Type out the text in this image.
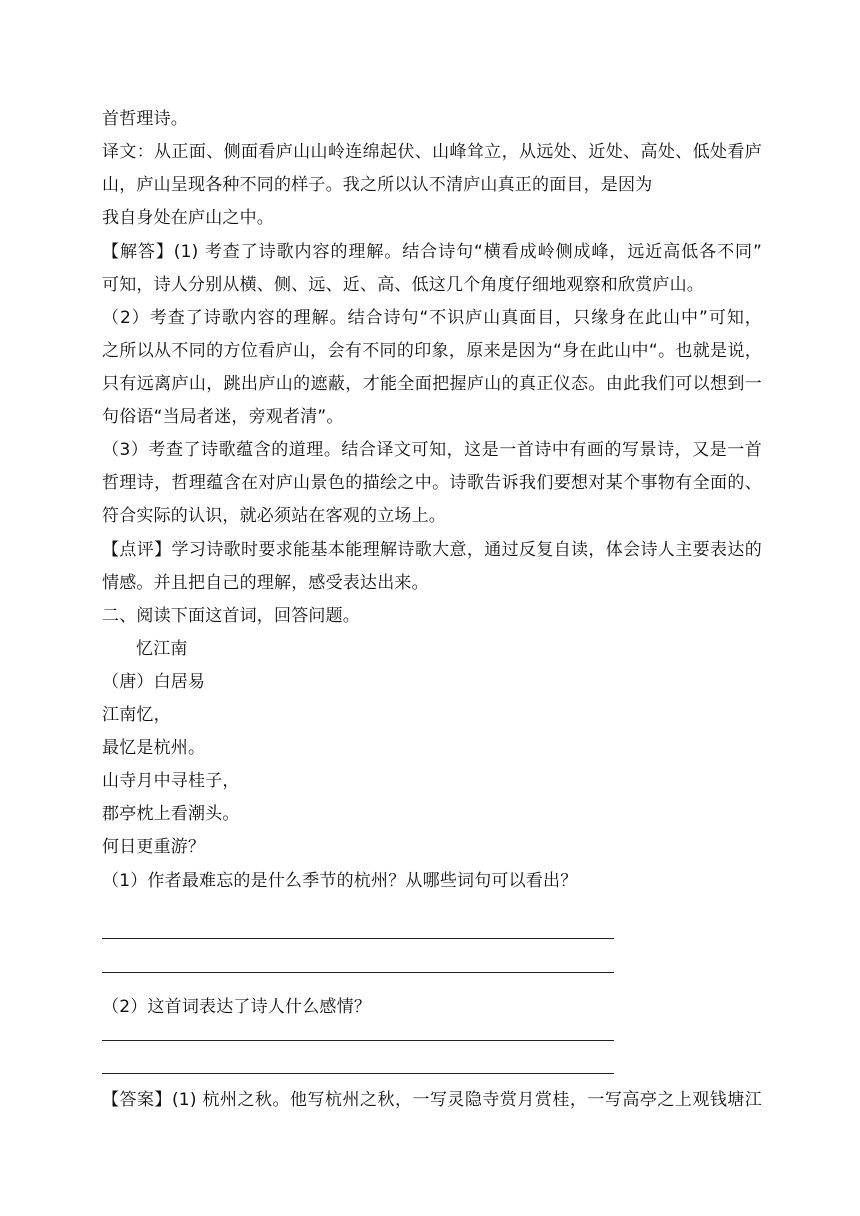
首哲理诗。
译文：从正面、侧面看庐山山岭连绵起伏、山峰耸立，从远处、近处、高处、低处看庐
山，庐山呈现各种不同的样子。我之所以认不清庐山真正的面目，是因为
我自身处在庐山之中。
【解答】(1) 考查了诗歌内容的理解。结合诗句“横看成岭侧成峰，远近高低各不同”
可知，诗人分别从横、侧、远、近、高、低这几个角度仔细地观察和欣赏庐山。
（2）考查了诗歌内容的理解。结合诗句“不识庐山真面目，只缘身在此山中”可知，
之所以从不同的方位看庐山，会有不同的印象，原来是因为“身在此山中“。也就是说，
只有远离庐山，跳出庐山的遮蔽，才能全面把握庐山的真正仪态。由此我们可以想到一
句俗语“当局者迷，旁观者清”。
（3）考查了诗歌蕴含的道理。结合译文可知，这是一首诗中有画的写景诗，又是一首
哲理诗，哲理蕴含在对庐山景色的描绘之中。诗歌告诉我们要想对某个事物有全面的、
符合实际的认识，就必须站在客观的立场上。
【点评】学习诗歌时要求能基本能理解诗歌大意，通过反复自读，体会诗人主要表达的
情感。并且把自己的理解，感受表达出来。
二、阅读下面这首词，回答问题。
忆江南
（唐）白居易
江南忆，
最忆是杭州。
山寺月中寻桂子，
郡亭枕上看潮头。
何日更重游？
（1）作者最难忘的是什么季节的杭州？从哪些词句可以看出？
（2）这首词表达了诗人什么感情？
【答案】(1) 杭州之秋。他写杭州之秋，一写灵隐寺赏月赏桂，一写高亭之上观钱塘江
